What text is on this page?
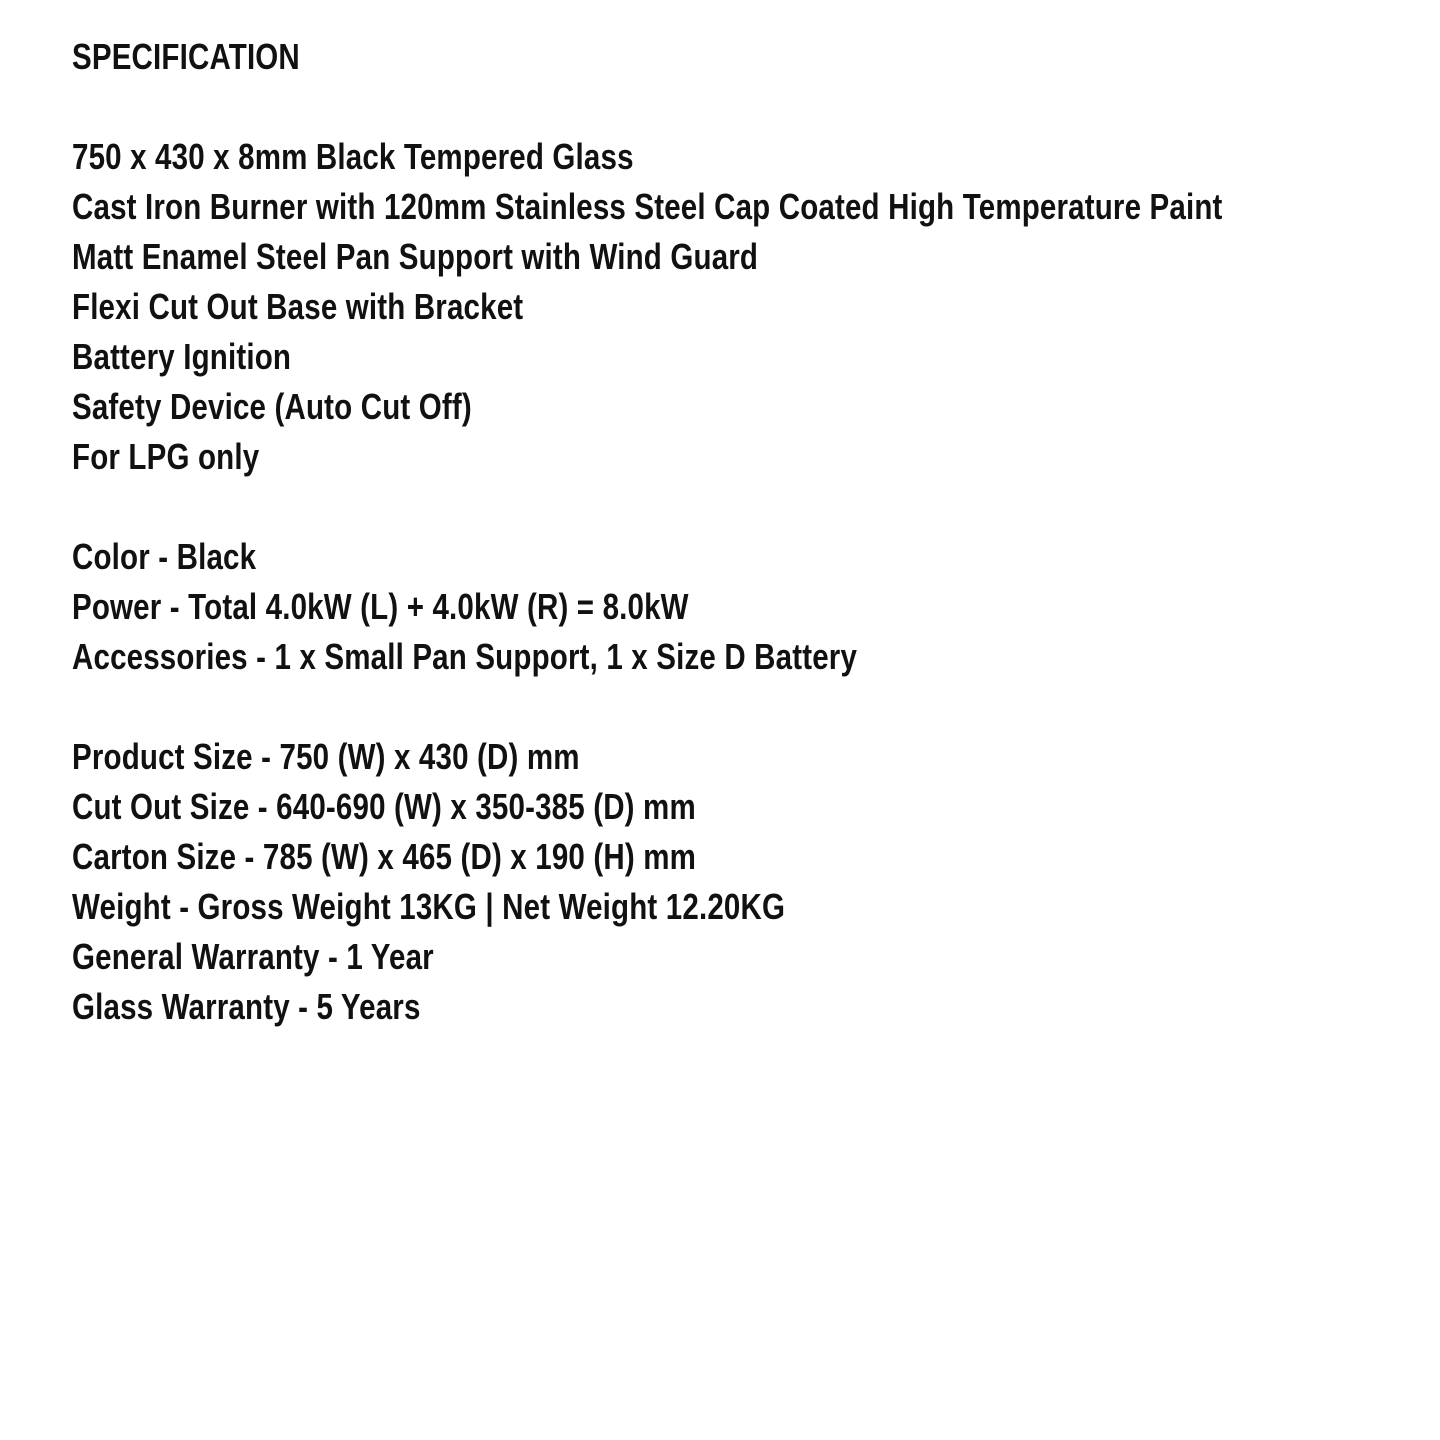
SPECIFICATION
750 x 430 x 8mm Black Tempered Glass
Cast Iron Burner with 120mm Stainless Steel Cap Coated High Temperature Paint
Matt Enamel Steel Pan Support with Wind Guard
Flexi Cut Out Base with Bracket
Battery Ignition
Safety Device (Auto Cut Off)
For LPG only
Color - Black
Power - Total 4.0kW (L) + 4.0kW (R) = 8.0kW
Accessories - 1 x Small Pan Support, 1 x Size D Battery
Product Size - 750 (W) x 430 (D) mm
Cut Out Size - 640-690 (W) x 350-385 (D) mm
Carton Size - 785 (W) x 465 (D) x 190 (H) mm
Weight - Gross Weight 13KG | Net Weight 12.20KG
General Warranty - 1 Year
Glass Warranty - 5 Years
